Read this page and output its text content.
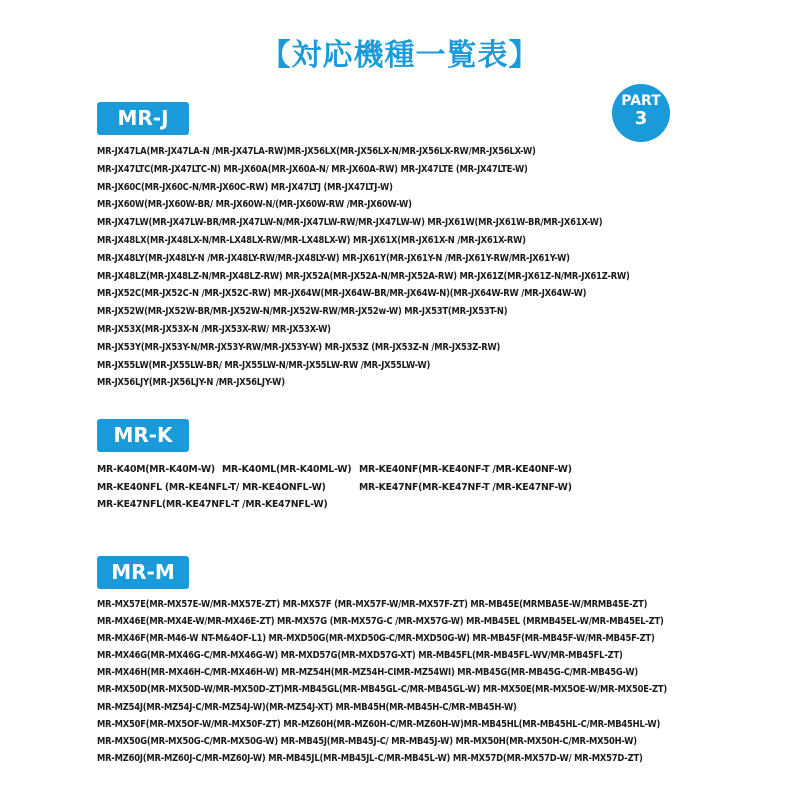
【対応機種一覧表】
PART
3
MR-J
MR-JX47LA(MR-JX47LA-N /MR-JX47LA-RW)MR-JX56LX(MR-JX56LX-N/MR-JX56LX-RW/MR-JX56LX-W)
MR-JX47LTC(MR-JX47LTC-N) MR-JX60A(MR-JX60A-N/ MR-JX60A-RW) MR-JX47LTE (MR-JX47LTE-W)
MR-JX60C(MR-JX60C-N/MR-JX60C-RW) MR-JX47LTJ (MR-JX47LTJ-W)
MR-JX60W(MR-JX60W-BR/ MR-JX60W-N/(MR-JX60W-RW /MR-JX60W-W)
MR-JX47LW(MR-JX47LW-BR/MR-JX47LW-N/MR-JX47LW-RW/MR-JX47LW-W) MR-JX61W(MR-JX61W-BR/MR-JX61X-W)
MR-JX48LX(MR-JX48LX-N/MR-LX48LX-RW/MR-LX48LX-W) MR-JX61X(MR-JX61X-N /MR-JX61X-RW)
MR-JX48LY(MR-JX48LY-N /MR-JX48LY-RW/MR-JX48LY-W) MR-JX61Y(MR-JX61Y-N /MR-JX61Y-RW/MR-JX61Y-W)
MR-JX48LZ(MR-JX48LZ-N/MR-JX48LZ-RW) MR-JX52A(MR-JX52A-N/MR-JX52A-RW) MR-JX61Z(MR-JX61Z-N/MR-JX61Z-RW)
MR-JX52C(MR-JX52C-N /MR-JX52C-RW) MR-JX64W(MR-JX64W-BR/MR-JX64W-N)(MR-JX64W-RW /MR-JX64W-W)
MR-JX52W(MR-JX52W-BR/MR-JX52W-N/MR-JX52W-RW/MR-JX52w-W) MR-JX53T(MR-JX53T-N)
MR-JX53X(MR-JX53X-N /MR-JX53X-RW/ MR-JX53X-W)
MR-JX53Y(MR-JX53Y-N/MR-JX53Y-RW/MR-JX53Y-W) MR-JX53Z (MR-JX53Z-N /MR-JX53Z-RW)
MR-JX55LW(MR-JX55LW-BR/ MR-JX55LW-N/MR-JX55LW-RW /MR-JX55LW-W)
MR-JX56LJY(MR-JX56LJY-N /MR-JX56LJY-W)
MR-K
MR-K40M(MR-K40M-W) MR-K40ML(MR-K40ML-W) MR-KE40NF(MR-KE40NF-T /MR-KE40NF-W)
MR-KE40NFL (MR-KE4NFL-T/ MR-KE4ONFL-W)	MR-KE47NF(MR-KE47NF-T /MR-KE47NF-W)
MR-KE47NFL(MR-KE47NFL-T /MR-KE47NFL-W)
MR-M
MR-MX57E(MR-MX57E-W/MR-MX57E-ZT) MR-MX57F (MR-MX57F-W/MR-MX57F-ZT) MR-MB45E(MRMBA5E-W/MRMB45E-ZT)
MR-MX46E(MR-MX4E-W/MR-MX46E-ZT) MR-MX57G (MR-MX57G-C /MR-MX57G-W) MR-MB45EL (MRMB45EL-W/MR-MB45EL-ZT)
MR-MX46F(MR-M46-W NT-M&4OF-L1) MR-MXD50G(MR-MXD50G-C/MR-MXD50G-W) MR-MB45F(MR-MB45F-W/MR-MB45F-ZT)
MR-MX46G(MR-MX46G-C/MR-MX46G-W) MR-MXD57G(MR-MXD57G-XT) MR-MB45FL(MR-MB45FL-WV/MR-MB45FL-ZT)
MR-MX46H(MR-MX46H-C/MR-MX46H-W) MR-MZ54H(MR-MZ54H-CIMR-MZ54WI) MR-MB45G(MR-MB45G-C/MR-MB45G-W)
MR-MX50D(MR-MX50D-W/MR-MX50D-ZT)MR-MB45GL(MR-MB45GL-C/MR-MB45GL-W) MR-MX50E(MR-MX5OE-W/MR-MX50E-ZT)
MR-MZ54J(MR-MZ54J-C/MR-MZ54J-W)(MR-MZ54J-XT) MR-MB45H(MR-MB45H-C/MR-MB45H-W)
MR-MX50F(MR-MX5OF-W/MR-MX50F-ZT) MR-MZ60H(MR-MZ60H-C/MR-MZ60H-W)MR-MB45HL(MR-MB45HL-C/MR-MB45HL-W)
MR-MX50G(MR-MX50G-C/MR-MX50G-W) MR-MB45J(MR-MB45J-C/ MR-MB45J-W) MR-MX50H(MR-MX50H-C/MR-MX50H-W)
MR-MZ60J(MR-MZ60J-C/MR-MZ60J-W) MR-MB45JL(MR-MB45JL-C/MR-MB45L-W) MR-MX57D(MR-MX57D-W/ MR-MX57D-ZT)
